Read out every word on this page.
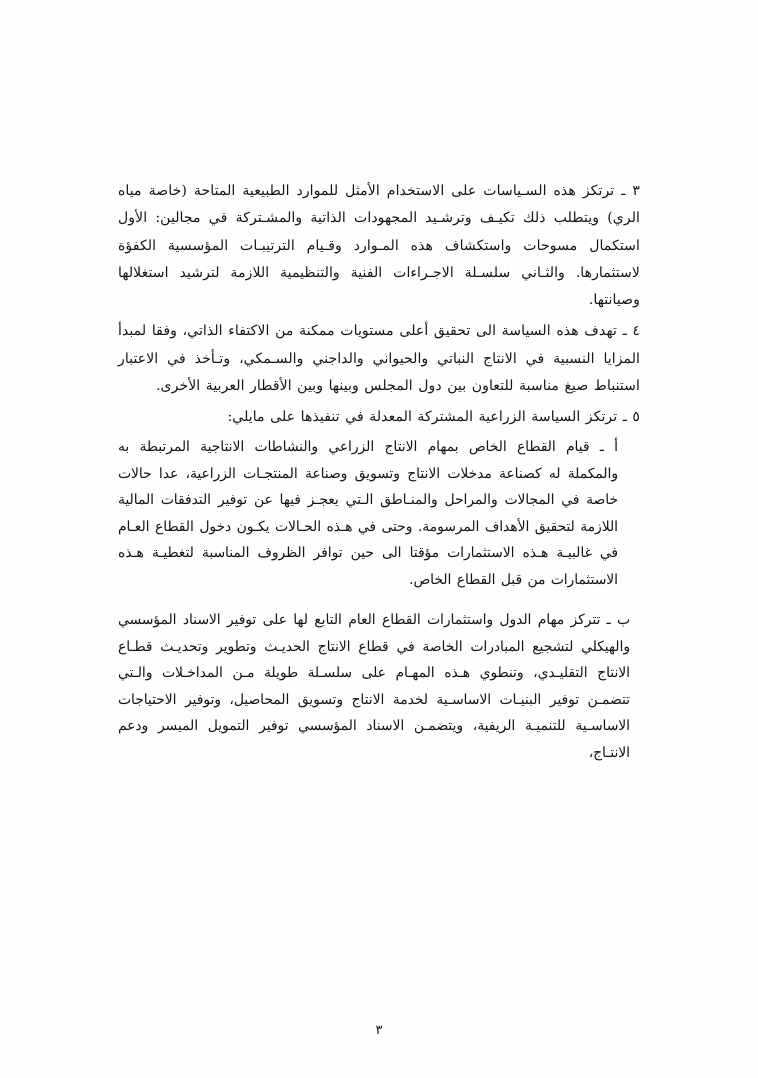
٣ ـ ترتكز هذه السـياسات على الاستخدام الأمثل للموارد الطبيعية المتاحة (خاصة مياه الري) ويتطلب ذلك تكيـف وترشـيد المجهودات الذاتية والمشـتركة في مجالين: الأول استكمال مسوحات واستكشاف هذه المـوارد وقـيام الترتيبـات المؤسسية الكفؤة لاستثمارها. والثـاني سلسـلة الاجـراءات الفنية والتنظيمية اللازمة لترشيد استغلالها وصيانتها.

٤ ـ تهدف هذه السياسة الى تحقيق أعلى مستويات ممكنة من الاكتفاء الذاتي، وفقا لمبدأ المزايا النسبية في الانتاج النباتي والحيواني والداجني والسـمكي، وتـأخذ في الاعتبار استنباط صيغ مناسبة للتعاون بين دول المجلس وبينها وبين الأقطار العربية الأخرى.

٥ ـ ترتكز السياسة الزراعية المشتركة المعدلة في تنفيذها على مايلي:

أ ـ قيام القطاع الخاص بمهام الانتاج الزراعي والنشاطات الانتاجية المرتبطة به والمكملة له كصناعة مدخلات الانتاج وتسويق وصناعة المنتجـات الزراعية، عدا حالات خاصة في المجالات والمراحل والمنـاطق الـتي يعجـز فيها عن توفير التدفقات المالية اللازمة لتحقيق الأهداف المرسومة. وحتى في هـذه الحـالات يكـون دخول القطاع العـام في غالبيـة هـذه الاستثمارات مؤقتا الى حين توافر الظروف المناسبة لتغطيـة هـذه الاستثمارات من قبل القطاع الخاص.

ب ـ تتركز مهام الدول واستثمارات القطاع العام التابع لها على توفير الاسناد المؤسسي والهيكلي لتشجيع المبادرات الخاصة في قطاع الانتاج الحديـث وتطوير وتحديـث قطـاع الانتاج التقليـدي، وتنطوي هـذه المهـام على سلسـلة طويلة مـن المداخـلات والـتي تتضمـن توفير البنيـات الاساسـية لخدمة الانتاج وتسويق المحاصيل، وتوفير الاحتياجات الاساسـية للتنميـة الريفية، ويتضمـن الاسناد المؤسسي توفير التمويل الميسر ودعم الانتـاج،

٣
